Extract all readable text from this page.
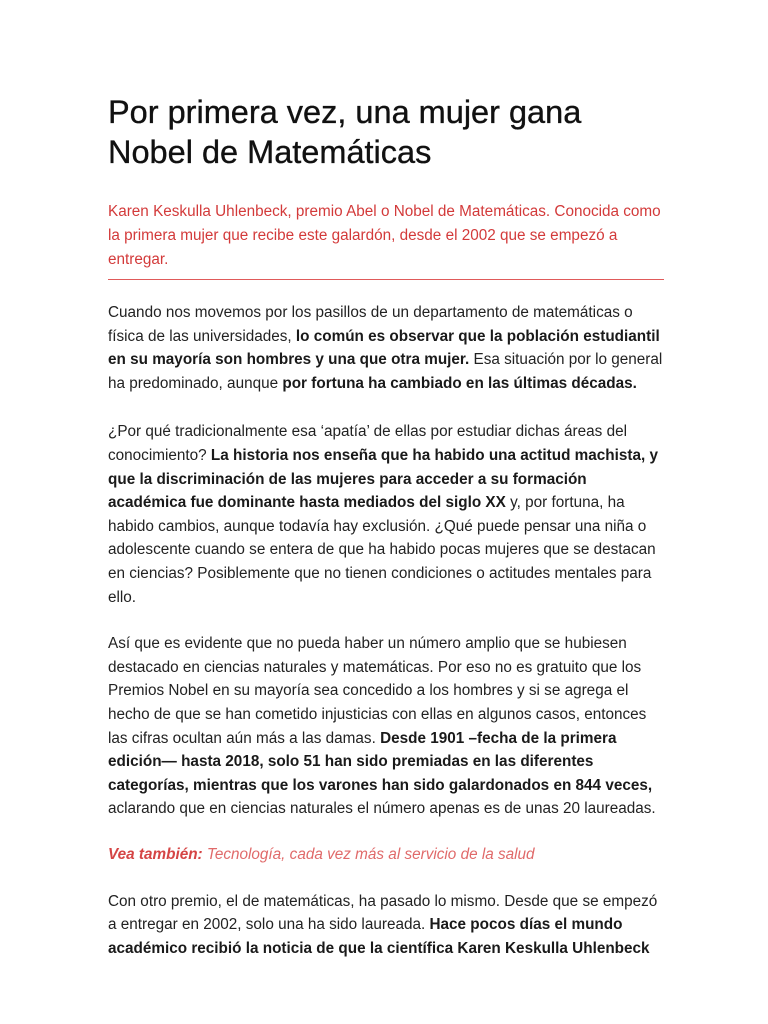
Por primera vez, una mujer gana Nobel de Matemáticas
Karen Keskulla Uhlenbeck, premio Abel o Nobel de Matemáticas. Conocida como la primera mujer que recibe este galardón, desde el 2002 que se empezó a entregar.

Cuando nos movemos por los pasillos de un departamento de matemáticas o física de las universidades, lo común es observar que la población estudiantil en su mayoría son hombres y una que otra mujer. Esa situación por lo general ha predominado, aunque por fortuna ha cambiado en las últimas décadas.

¿Por qué tradicionalmente esa ‘apatía’ de ellas por estudiar dichas áreas del conocimiento? La historia nos enseña que ha habido una actitud machista, y que la discriminación de las mujeres para acceder a su formación académica fue dominante hasta mediados del siglo XX y, por fortuna, ha habido cambios, aunque todavía hay exclusión. ¿Qué puede pensar una niña o adolescente cuando se entera de que ha habido pocas mujeres que se destacan en ciencias? Posiblemente que no tienen condiciones o actitudes mentales para ello.

Así que es evidente que no pueda haber un número amplio que se hubiesen destacado en ciencias naturales y matemáticas. Por eso no es gratuito que los Premios Nobel en su mayoría sea concedido a los hombres y si se agrega el hecho de que se han cometido injusticias con ellas en algunos casos, entonces las cifras ocultan aún más a las damas. Desde 1901 –fecha de la primera edición— hasta 2018, solo 51 han sido premiadas en las diferentes categorías, mientras que los varones han sido galardonados en 844 veces, aclarando que en ciencias naturales el número apenas es de unas 20 laureadas.

Vea también: Tecnología, cada vez más al servicio de la salud

Con otro premio, el de matemáticas, ha pasado lo mismo. Desde que se empezó a entregar en 2002, solo una ha sido laureada. Hace pocos días el mundo académico recibió la noticia de que la científica Karen Keskulla Uhlenbeck
